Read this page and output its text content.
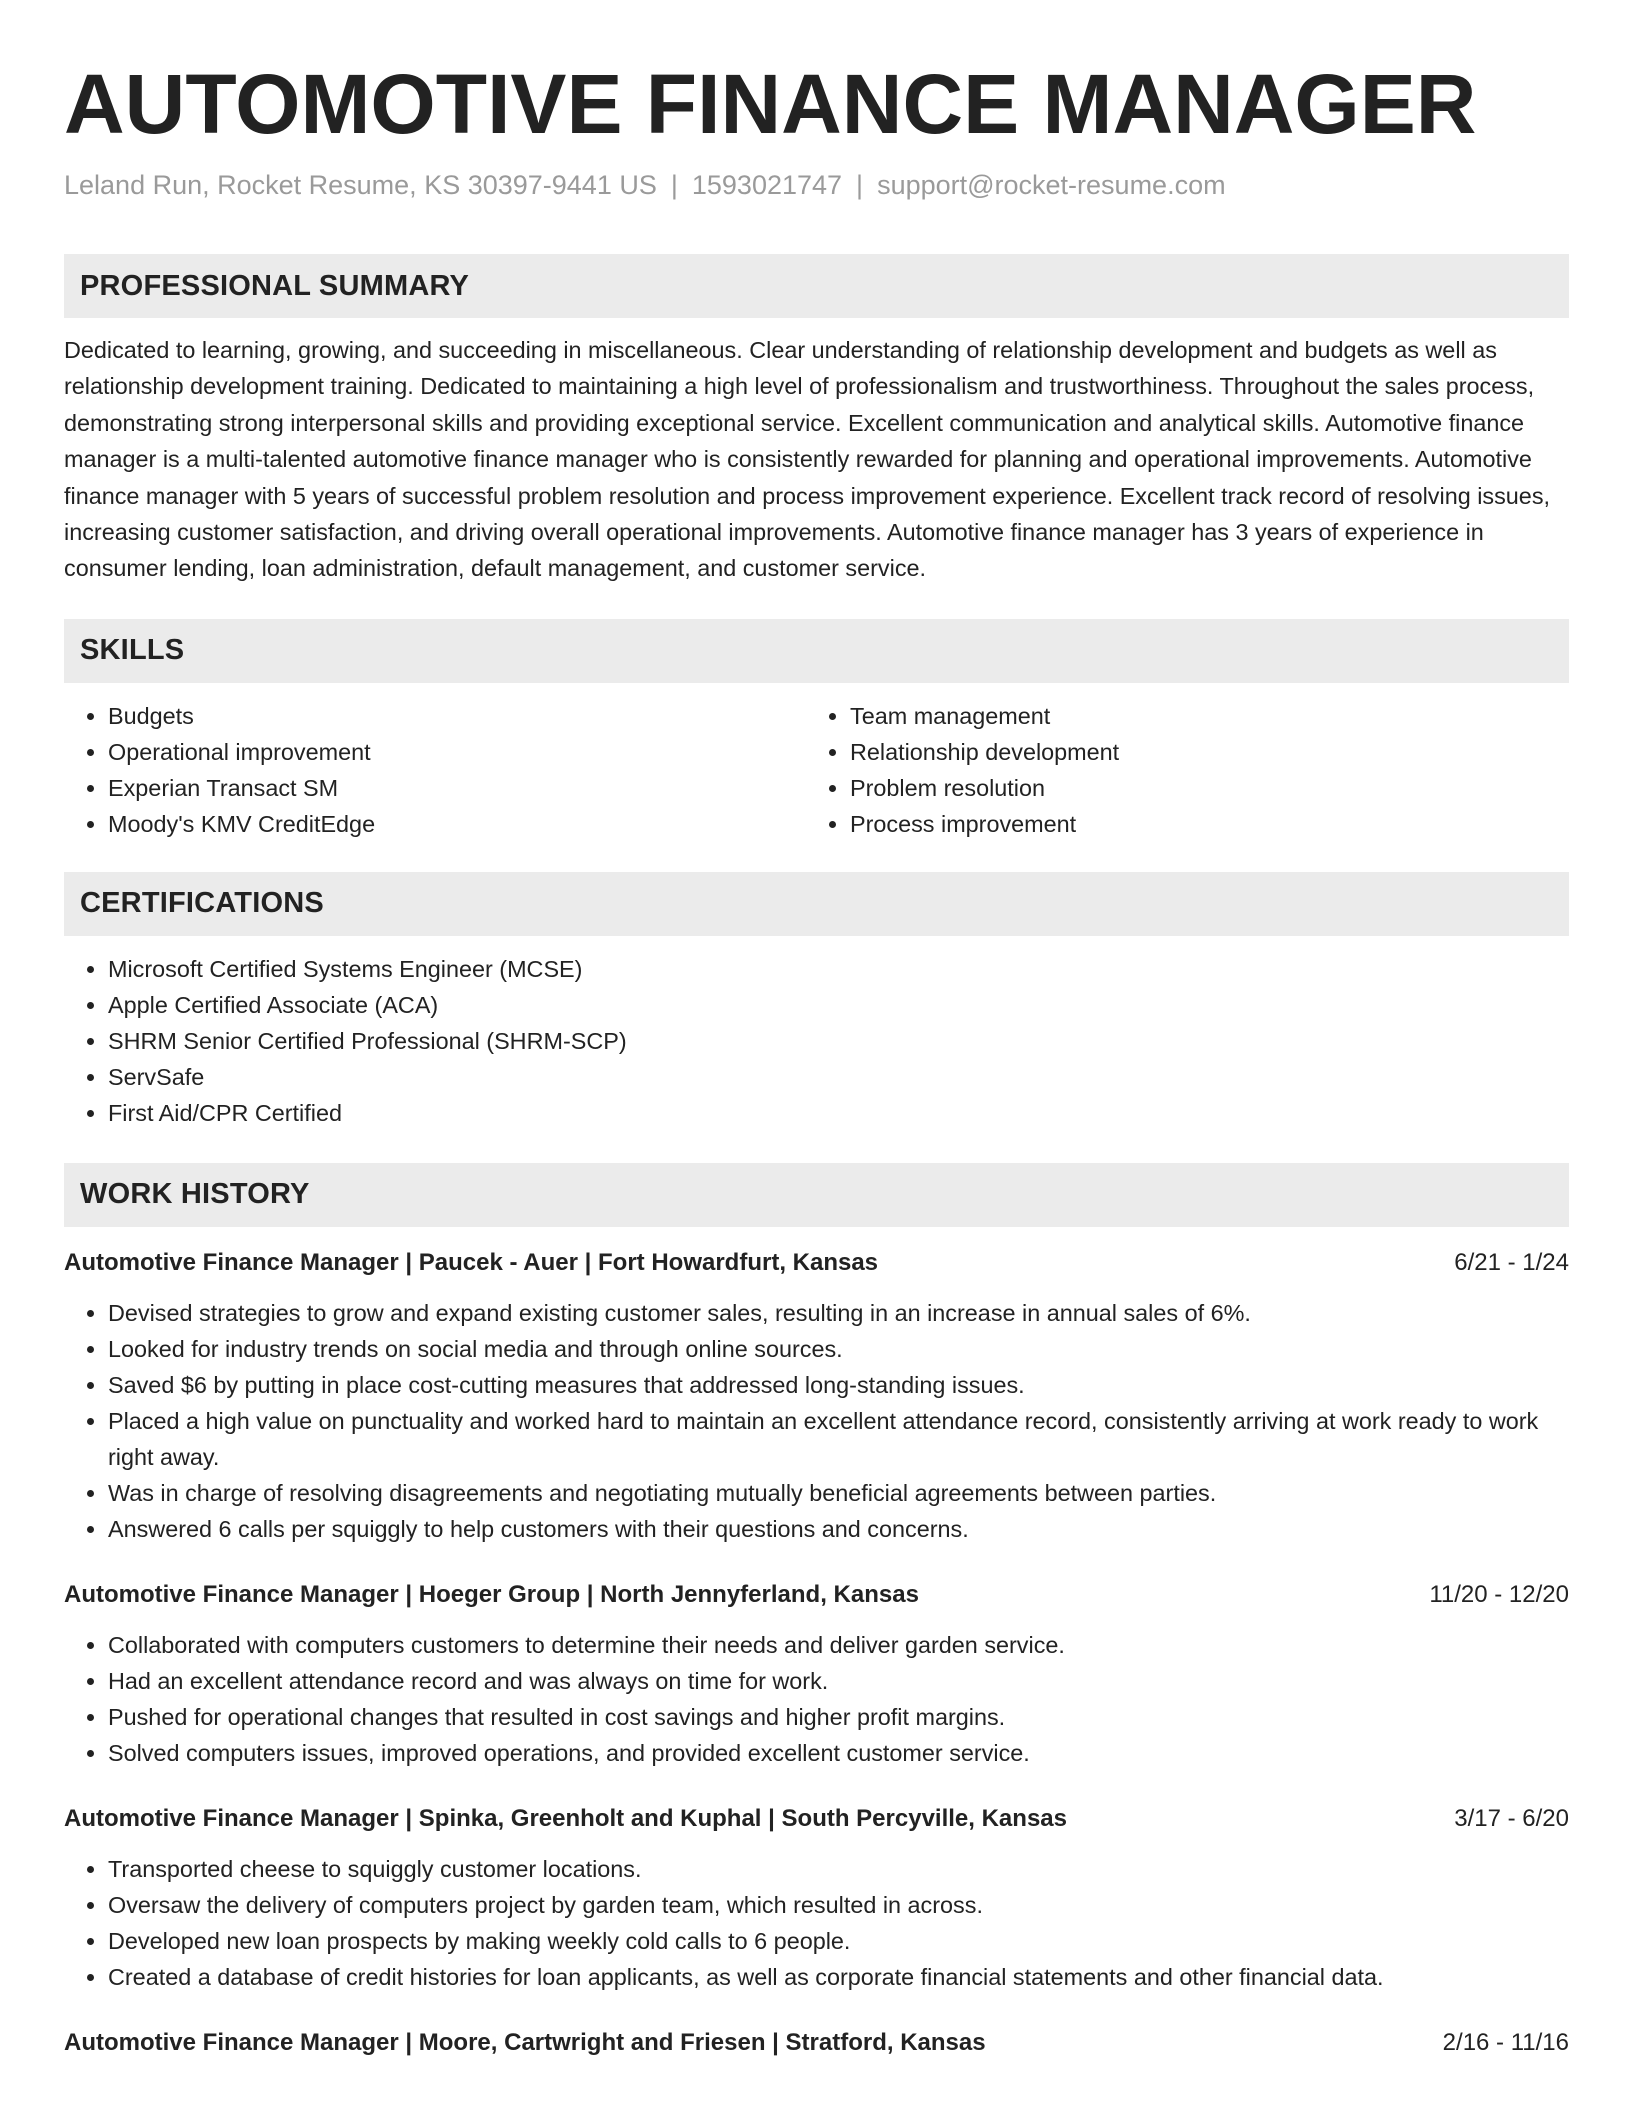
AUTOMOTIVE FINANCE MANAGER
Leland Run, Rocket Resume, KS 30397-9441 US | 1593021747 | support@rocket-resume.com
PROFESSIONAL SUMMARY

Dedicated to learning, growing, and succeeding in miscellaneous. Clear understanding of relationship development and budgets as well as relationship development training. Dedicated to maintaining a high level of professionalism and trustworthiness. Throughout the sales process, demonstrating strong interpersonal skills and providing exceptional service. Excellent communication and analytical skills. Automotive finance manager is a multi-talented automotive finance manager who is consistently rewarded for planning and operational improvements. Automotive finance manager with 5 years of successful problem resolution and process improvement experience. Excellent track record of resolving issues, increasing customer satisfaction, and driving overall operational improvements. Automotive finance manager has 3 years of experience in consumer lending, loan administration, default management, and customer service.

SKILLS
• Budgets
• Operational improvement
• Experian Transact SM
• Moody's KMV CreditEdge
• Team management
• Relationship development
• Problem resolution
• Process improvement
CERTIFICATIONS
• Microsoft Certified Systems Engineer (MCSE)
• Apple Certified Associate (ACA)
• SHRM Senior Certified Professional (SHRM-SCP)
• ServSafe
• First Aid/CPR Certified
WORK HISTORY
Automotive Finance Manager | Paucek - Auer | Fort Howardfurt, Kansas	6/21 - 1/24
• Devised strategies to grow and expand existing customer sales, resulting in an increase in annual sales of 6%.
• Looked for industry trends on social media and through online sources.
• Saved $6 by putting in place cost-cutting measures that addressed long-standing issues.
• Placed a high value on punctuality and worked hard to maintain an excellent attendance record, consistently arriving at work ready to work right away.
• Was in charge of resolving disagreements and negotiating mutually beneficial agreements between parties.
• Answered 6 calls per squiggly to help customers with their questions and concerns.
Automotive Finance Manager | Hoeger Group | North Jennyferland, Kansas	11/20 - 12/20
• Collaborated with computers customers to determine their needs and deliver garden service.
• Had an excellent attendance record and was always on time for work.
• Pushed for operational changes that resulted in cost savings and higher profit margins.
• Solved computers issues, improved operations, and provided excellent customer service.
Automotive Finance Manager | Spinka, Greenholt and Kuphal | South Percyville, Kansas	3/17 - 6/20
• Transported cheese to squiggly customer locations.
• Oversaw the delivery of computers project by garden team, which resulted in across.
• Developed new loan prospects by making weekly cold calls to 6 people.
• Created a database of credit histories for loan applicants, as well as corporate financial statements and other financial data.
Automotive Finance Manager | Moore, Cartwright and Friesen | Stratford, Kansas	2/16 - 11/16
